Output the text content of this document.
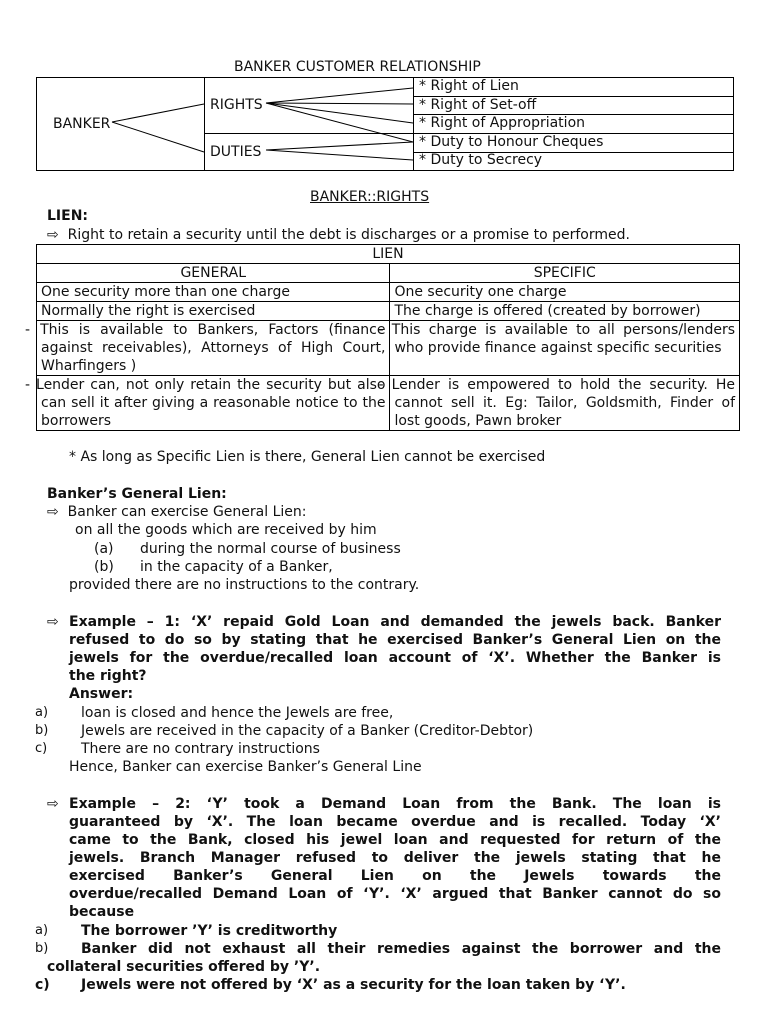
BANKER CUSTOMER RELATIONSHIP
BANKER
RIGHTS
DUTIES
* Right of Lien
* Right of Set-off
* Right of Appropriation
* Duty to Honour Cheques
* Duty to Secrecy
BANKER::RIGHTS
LIEN:
⇨ Right to retain a security until the debt is discharges or a promise to performed.
LIEN	
GENERAL	SPECIFIC
One security more than one charge	One security one charge
Normally the right is exercised	The charge is offered (created by borrower)
- This is available to Bankers, Factors (finance against receivables), Attorneys of High Court, Wharfingers )	- This charge is available to all persons/lenders who provide finance against specific securities
- Lender can, not only retain the security but also can sell it after giving a reasonable notice to the borrowers	- Lender is empowered to hold the security. He cannot sell it. Eg: Tailor, Goldsmith, Finder of lost goods, Pawn broker
* As long as Specific Lien is there, General Lien cannot be exercised
Banker’s General Lien:
⇨ Banker can exercise General Lien:
on all the goods which are received by him
(a) during the normal course of business
(b) in the capacity of a Banker,
provided there are no instructions to the contrary.
⇨ Example – 1: ‘X’ repaid Gold Loan and demanded the jewels back. Banker
refused to do so by stating that he exercised Banker’s General Lien on the
jewels for the overdue/recalled loan account of ‘X’. Whether the Banker is
the right?
Answer:
a) loan is closed and hence the Jewels are free,
b) Jewels are received in the capacity of a Banker (Creditor-Debtor)
c) There are no contrary instructions
Hence, Banker can exercise Banker’s General Line
⇨ Example – 2: ‘Y’ took a Demand Loan from the Bank. The loan is
guaranteed by ‘X’. The loan became overdue and is recalled. Today ‘X’
came to the Bank, closed his jewel loan and requested for return of the
jewels. Branch Manager refused to deliver the jewels stating that he
exercised Banker’s General Lien on the Jewels towards the
overdue/recalled Demand Loan of ‘Y’. ‘X’ argued that Banker cannot do so
because
a) The borrower ’Y’ is creditworthy
b) Banker did not exhaust all their remedies against the borrower and the
collateral securities offered by ’Y’.
c) Jewels were not offered by ‘X’ as a security for the loan taken by ‘Y’.
